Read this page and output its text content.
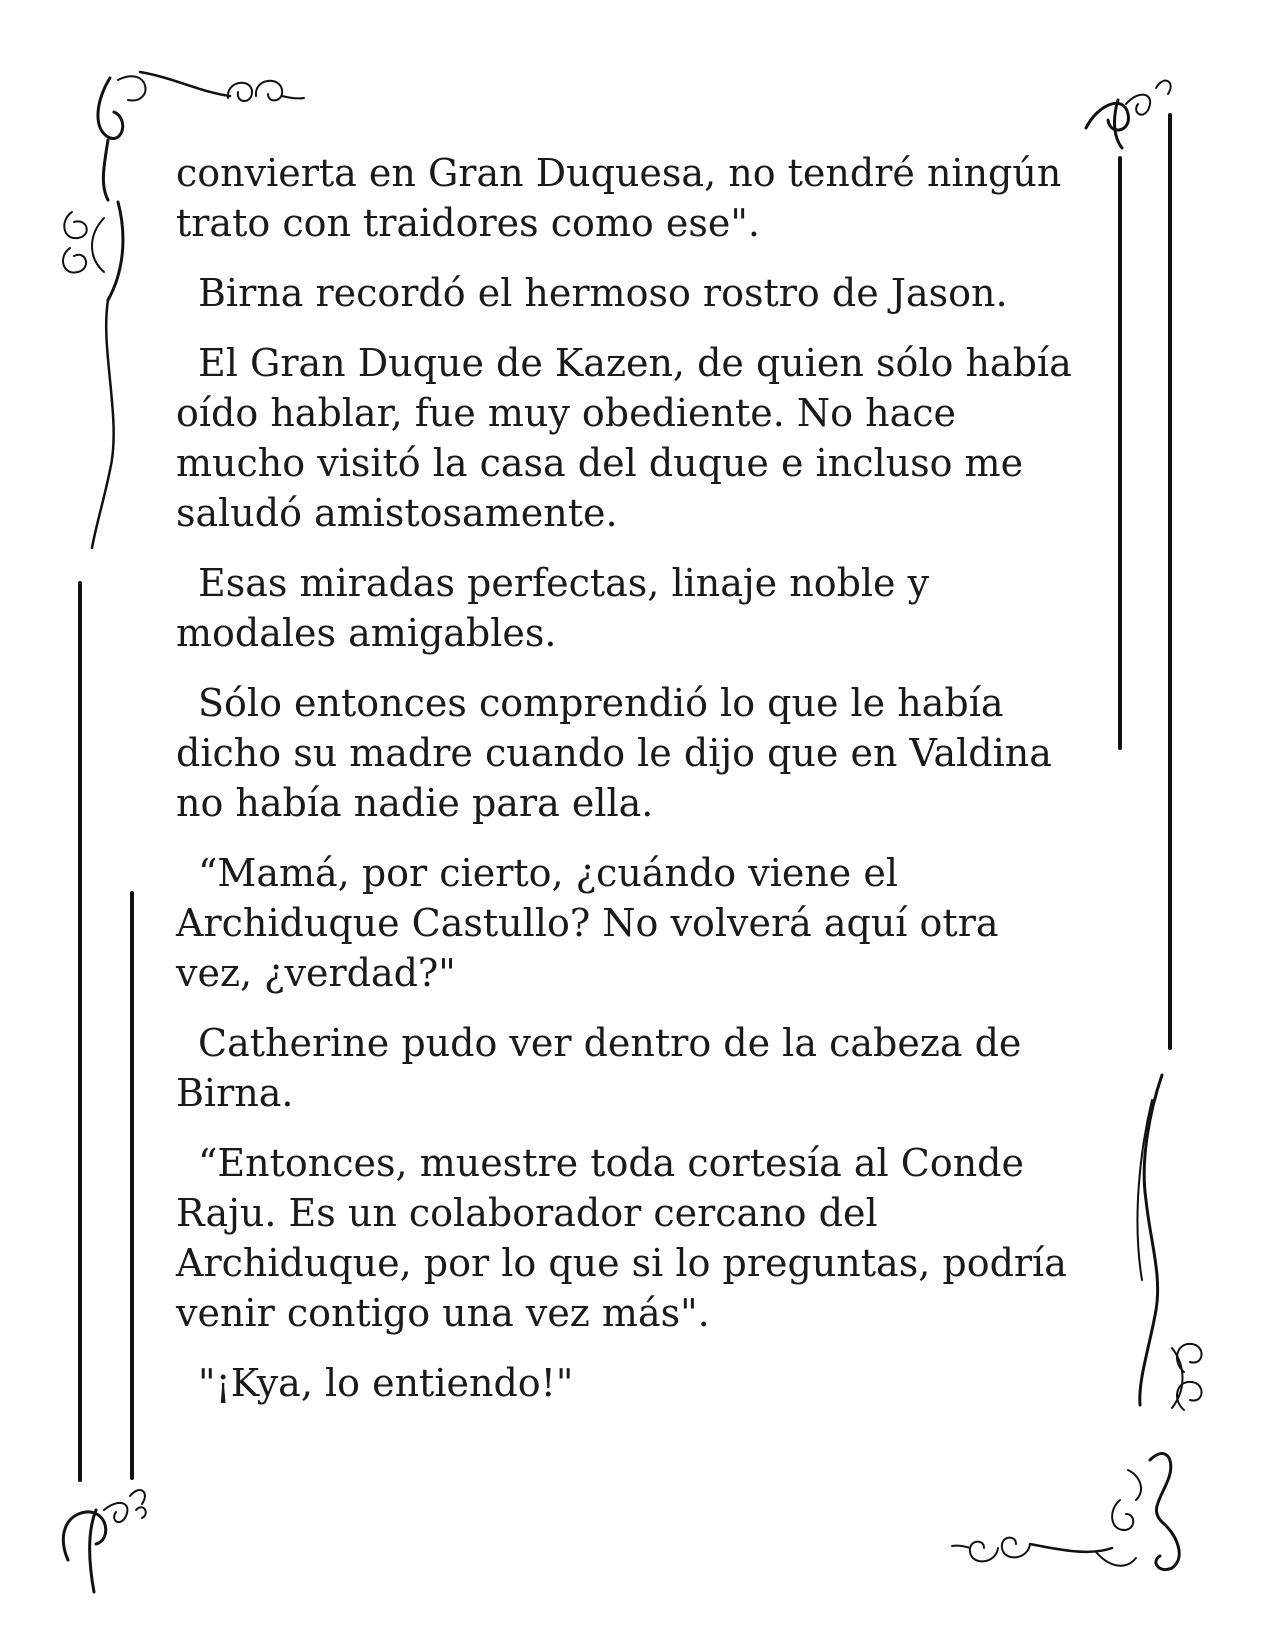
convierta en Gran Duquesa, no tendré ningún
trato con traidores como ese".

Birna recordó el hermoso rostro de Jason.

El Gran Duque de Kazen, de quien sólo había
oído hablar, fue muy obediente. No hace
mucho visitó la casa del duque e incluso me
saludó amistosamente.

Esas miradas perfectas, linaje noble y
modales amigables.

Sólo entonces comprendió lo que le había
dicho su madre cuando le dijo que en Valdina
no había nadie para ella.

“Mamá, por cierto, ¿cuándo viene el
Archiduque Castullo? No volverá aquí otra
vez, ¿verdad?"

Catherine pudo ver dentro de la cabeza de
Birna.

“Entonces, muestre toda cortesía al Conde
Raju. Es un colaborador cercano del
Archiduque, por lo que si lo preguntas, podría
venir contigo una vez más".

"¡Kya, lo entiendo!"
